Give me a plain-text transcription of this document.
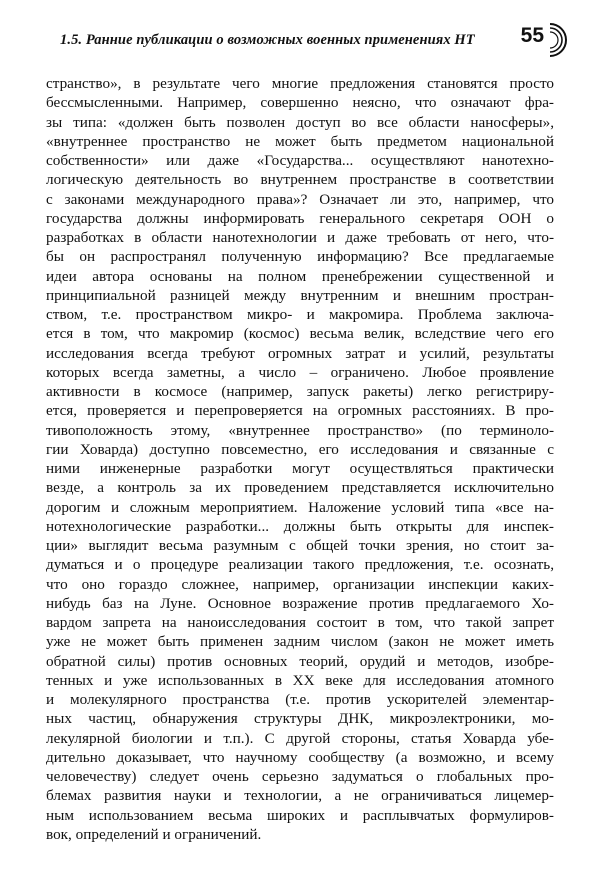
1.5. Ранние публикации о возможных военных применениях НТ 55
странство», в результате чего многие предложения становятся просто
бессмысленными. Например, совершенно неясно, что означают фра-
зы типа: «должен быть позволен доступ во все области наносферы»,
«внутреннее пространство не может быть предметом национальной
собственности» или даже «Государства... осуществляют нанотехно-
логическую деятельность во внутреннем пространстве в соответствии
с законами международного права»? Означает ли это, например, что
государства должны информировать генерального секретаря ООН о
разработках в области нанотехнологии и даже требовать от него, что-
бы он распространял полученную информацию? Все предлагаемые
идеи автора основаны на полном пренебрежении существенной и
принципиальной разницей между внутренним и внешним простран-
ством, т.е. пространством микро- и макромира. Проблема заключа-
ется в том, что макромир (космос) весьма велик, вследствие чего его
исследования всегда требуют огромных затрат и усилий, результаты
которых всегда заметны, а число – ограничено. Любое проявление
активности в космосе (например, запуск ракеты) легко регистриру-
ется, проверяется и перепроверяется на огромных расстояниях. В про-
тивоположность этому, «внутреннее пространство» (по терминоло-
гии Ховарда) доступно повсеместно, его исследования и связанные с
ними инженерные разработки могут осуществляться практически
везде, а контроль за их проведением представляется исключительно
дорогим и сложным мероприятием. Наложение условий типа «все на-
нотехнологические разработки... должны быть открыты для инспек-
ции» выглядит весьма разумным с общей точки зрения, но стоит за-
думаться и о процедуре реализации такого предложения, т.е. осознать,
что оно гораздо сложнее, например, организации инспекции каких-
нибудь баз на Луне. Основное возражение против предлагаемого Хо-
вардом запрета на наноисследования состоит в том, что такой запрет
уже не может быть применен задним числом (закон не может иметь
обратной силы) против основных теорий, орудий и методов, изобре-
тенных и уже использованных в XX веке для исследования атомного
и молекулярного пространства (т.е. против ускорителей элементар-
ных частиц, обнаружения структуры ДНК, микроэлектроники, мо-
лекулярной биологии и т.п.). С другой стороны, статья Ховарда убе-
дительно доказывает, что научному сообществу (а возможно, и всему
человечеству) следует очень серьезно задуматься о глобальных про-
блемах развития науки и технологии, а не ограничиваться лицемер-
ным использованием весьма широких и расплывчатых формулиров-
вок, определений и ограничений.
